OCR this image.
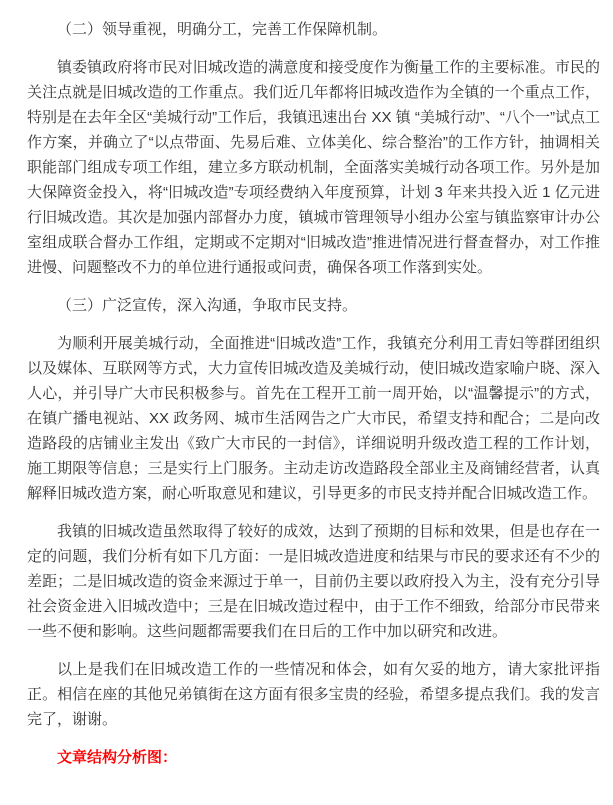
（二）领导重视，明确分工，完善工作保障机制。

镇委镇政府将市民对旧城改造的满意度和接受度作为衡量工作的主要标准。市民的关注点就是旧城改造的工作重点。我们近几年都将旧城改造作为全镇的一个重点工作，特别是在去年全区“美城行动”工作后，我镇迅速出台 XX 镇 “美城行动”、“八个一”试点工作方案，并确立了“以点带面、先易后难、立体美化、综合整治”的工作方针，抽调相关职能部门组成专项工作组，建立多方联动机制，全面落实美城行动各项工作。另外是加大保障资金投入，将“旧城改造”专项经费纳入年度预算，计划 3 年来共投入近 1 亿元进行旧城改造。其次是加强内部督办力度，镇城市管理领导小组办公室与镇监察审计办公室组成联合督办工作组，定期或不定期对“旧城改造”推进情况进行督查督办，对工作推进慢、问题整改不力的单位进行通报或问责，确保各项工作落到实处。

（三）广泛宣传，深入沟通，争取市民支持。

为顺利开展美城行动，全面推进“旧城改造”工作，我镇充分利用工青妇等群团组织以及媒体、互联网等方式，大力宣传旧城改造及美城行动，使旧城改造家喻户晓、深入人心，并引导广大市民积极参与。首先在工程开工前一周开始，以“温馨提示”的方式，在镇广播电视站、XX 政务网、城市生活网告之广大市民，希望支持和配合；二是向改造路段的店铺业主发出《致广大市民的一封信》，详细说明升级改造工程的工作计划，施工期限等信息；三是实行上门服务。主动走访改造路段全部业主及商铺经营者，认真解释旧城改造方案，耐心听取意见和建议，引导更多的市民支持并配合旧城改造工作。

我镇的旧城改造虽然取得了较好的成效，达到了预期的目标和效果，但是也存在一定的问题，我们分析有如下几方面：一是旧城改造进度和结果与市民的要求还有不少的差距；二是旧城改造的资金来源过于单一，目前仍主要以政府投入为主，没有充分引导社会资金进入旧城改造中；三是在旧城改造过程中，由于工作不细致，给部分市民带来一些不便和影响。这些问题都需要我们在日后的工作中加以研究和改进。

以上是我们在旧城改造工作的一些情况和体会，如有欠妥的地方，请大家批评指正。相信在座的其他兄弟镇街在这方面有很多宝贵的经验，希望多提点我们。我的发言完了，谢谢。

文章结构分析图：
